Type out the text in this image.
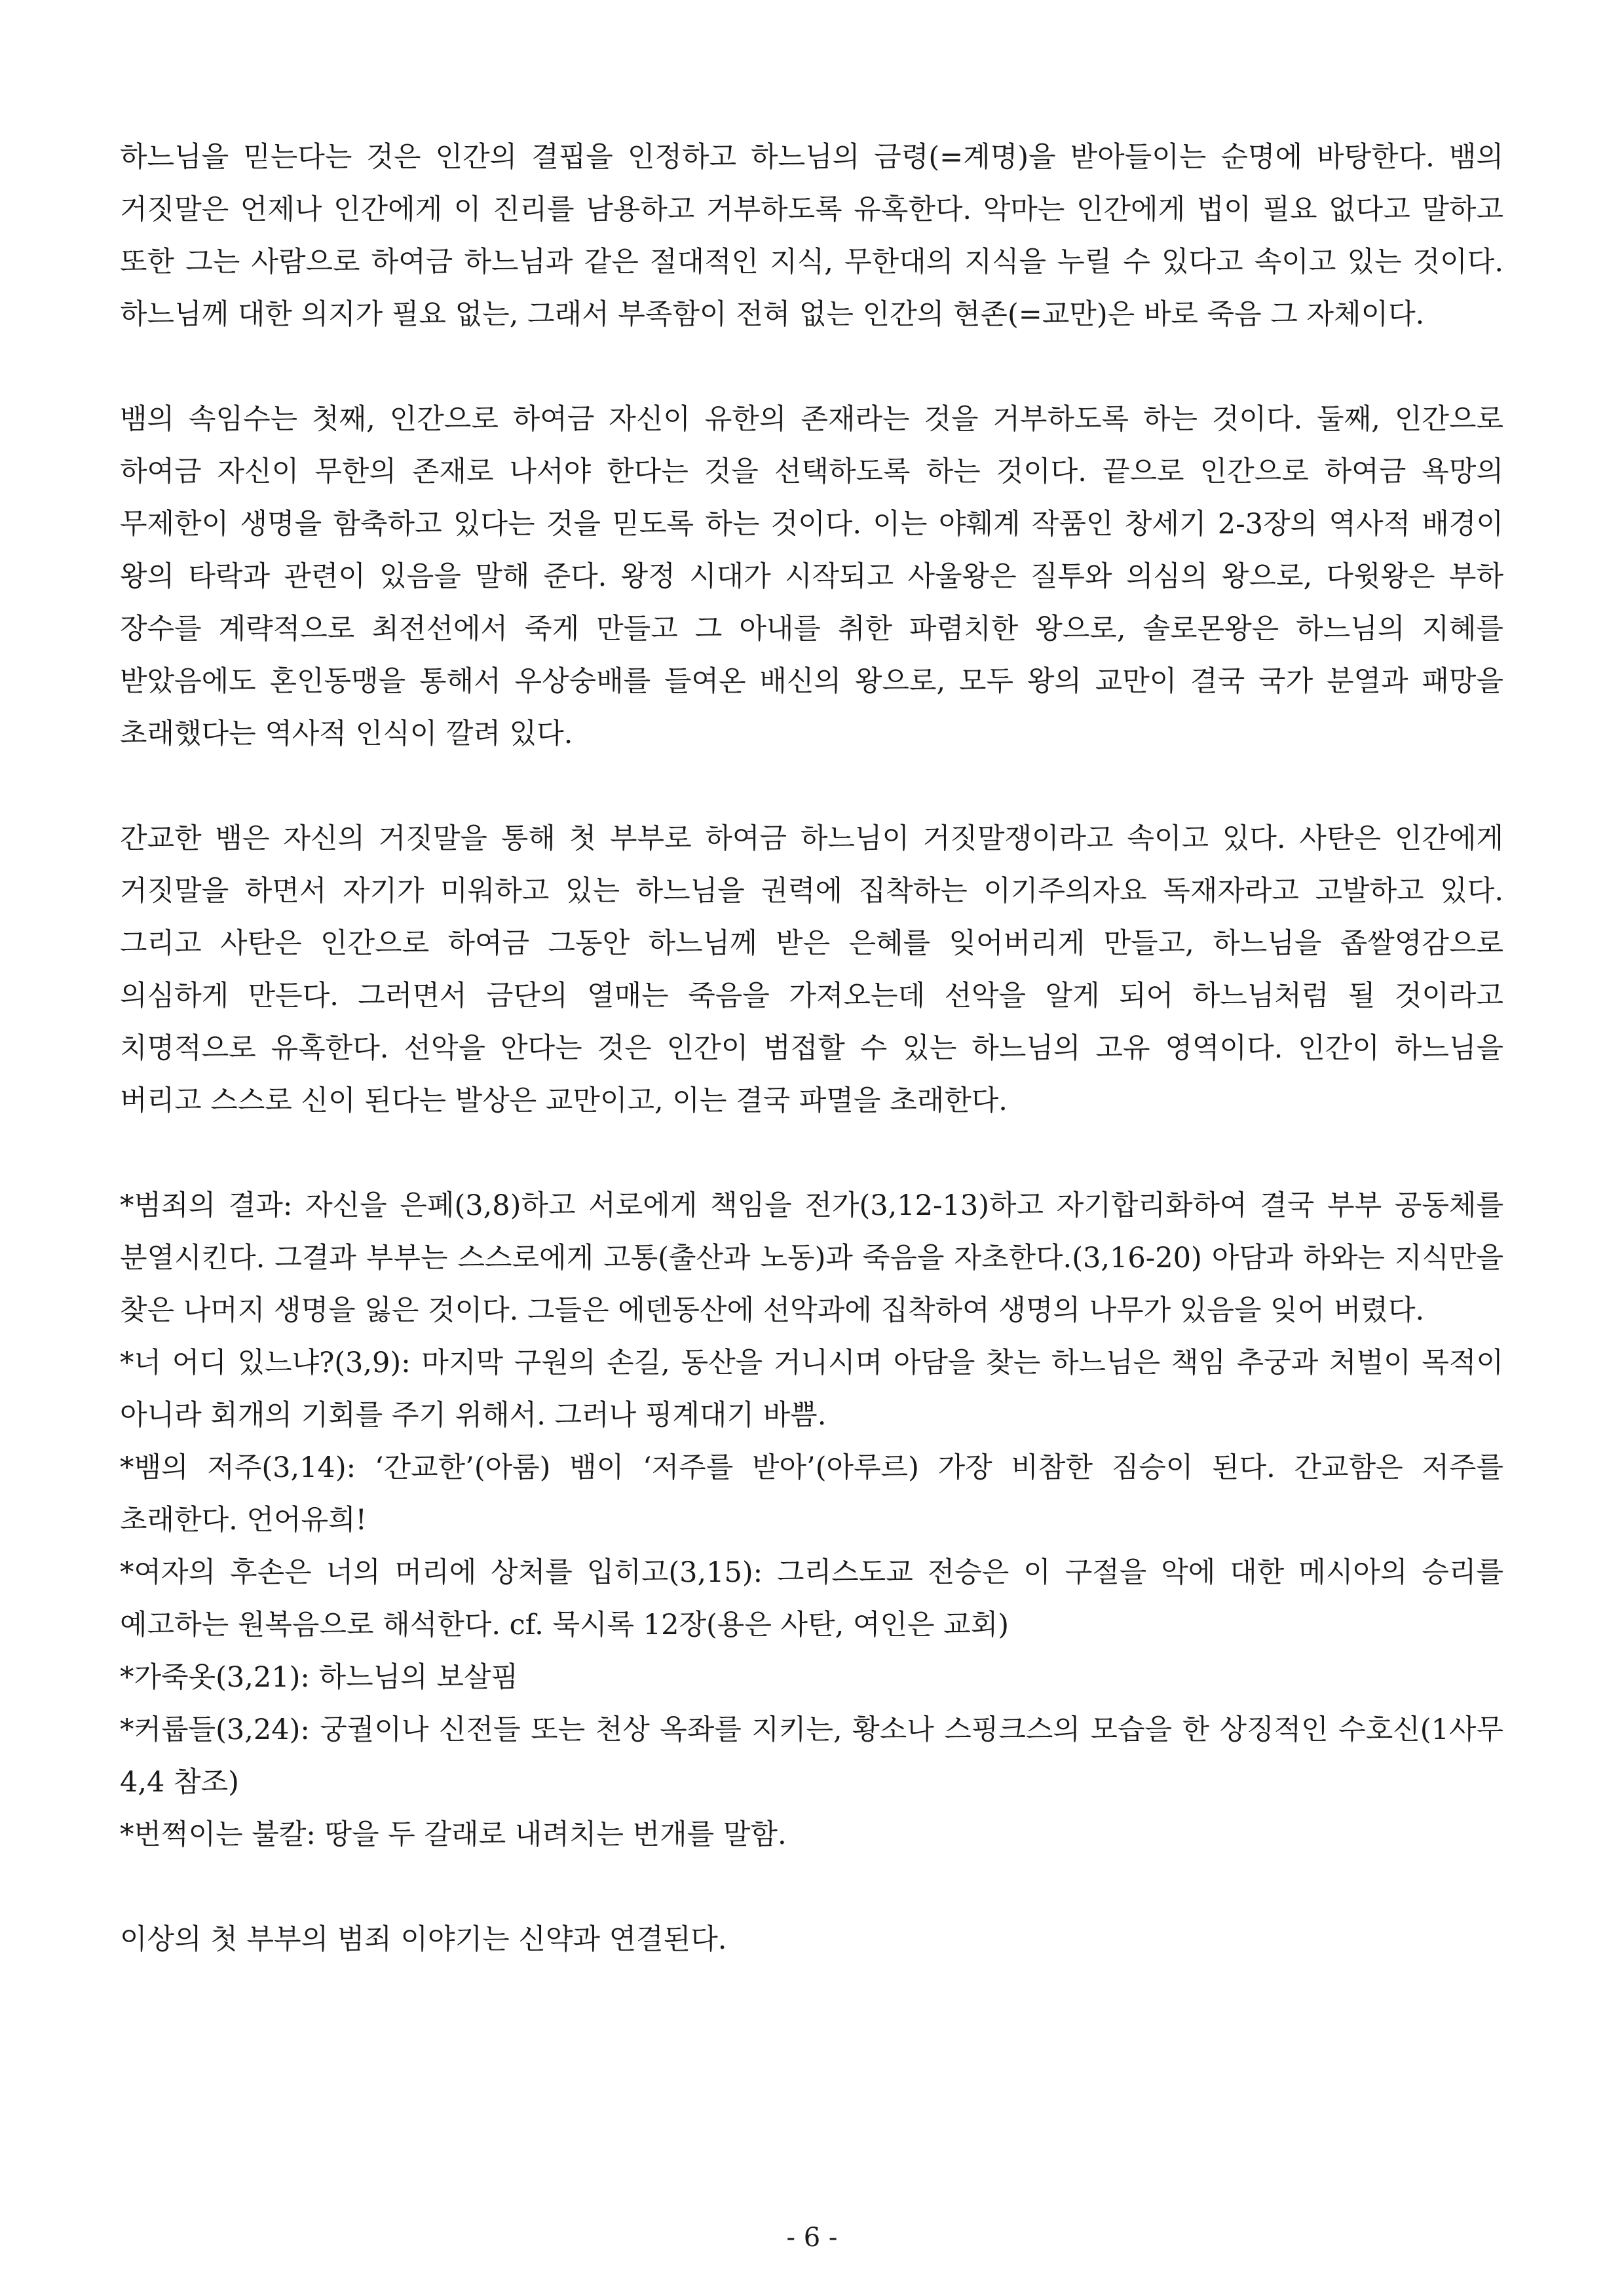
하느님을 믿는다는 것은 인간의 결핍을 인정하고 하느님의 금령(=계명)을 받아들이는 순명에 바탕한다. 뱀의 거짓말은 언제나 인간에게 이 진리를 남용하고 거부하도록 유혹한다. 악마는 인간에게 법이 필요 없다고 말하고 또한 그는 사람으로 하여금 하느님과 같은 절대적인 지식, 무한대의 지식을 누릴 수 있다고 속이고 있는 것이다. 하느님께 대한 의지가 필요 없는, 그래서 부족함이 전혀 없는 인간의 현존(=교만)은 바로 죽음 그 자체이다.

뱀의 속임수는 첫째, 인간으로 하여금 자신이 유한의 존재라는 것을 거부하도록 하는 것이다. 둘째, 인간으로 하여금 자신이 무한의 존재로 나서야 한다는 것을 선택하도록 하는 것이다. 끝으로 인간으로 하여금 욕망의 무제한이 생명을 함축하고 있다는 것을 믿도록 하는 것이다. 이는 야훼계 작품인 창세기 2-3장의 역사적 배경이 왕의 타락과 관련이 있음을 말해 준다. 왕정 시대가 시작되고 사울왕은 질투와 의심의 왕으로, 다윗왕은 부하 장수를 계략적으로 최전선에서 죽게 만들고 그 아내를 취한 파렴치한 왕으로, 솔로몬왕은 하느님의 지혜를 받았음에도 혼인동맹을 통해서 우상숭배를 들여온 배신의 왕으로, 모두 왕의 교만이 결국 국가 분열과 패망을 초래했다는 역사적 인식이 깔려 있다.

간교한 뱀은 자신의 거짓말을 통해 첫 부부로 하여금 하느님이 거짓말쟁이라고 속이고 있다. 사탄은 인간에게 거짓말을 하면서 자기가 미워하고 있는 하느님을 권력에 집착하는 이기주의자요 독재자라고 고발하고 있다. 그리고 사탄은 인간으로 하여금 그동안 하느님께 받은 은혜를 잊어버리게 만들고, 하느님을 좁쌀영감으로 의심하게 만든다. 그러면서 금단의 열매는 죽음을 가져오는데 선악을 알게 되어 하느님처럼 될 것이라고 치명적으로 유혹한다. 선악을 안다는 것은 인간이 범접할 수 있는 하느님의 고유 영역이다. 인간이 하느님을 버리고 스스로 신이 된다는 발상은 교만이고, 이는 결국 파멸을 초래한다.

*범죄의 결과: 자신을 은폐(3,8)하고 서로에게 책임을 전가(3,12-13)하고 자기합리화하여 결국 부부 공동체를 분열시킨다. 그결과 부부는 스스로에게 고통(출산과 노동)과 죽음을 자초한다.(3,16-20) 아담과 하와는 지식만을 찾은 나머지 생명을 잃은 것이다. 그들은 에덴동산에 선악과에 집착하여 생명의 나무가 있음을 잊어 버렸다.

*너 어디 있느냐?(3,9): 마지막 구원의 손길, 동산을 거니시며 아담을 찾는 하느님은 책임 추궁과 처벌이 목적이 아니라 회개의 기회를 주기 위해서. 그러나 핑계대기 바쁨.

*뱀의 저주(3,14): ‘간교한’(아룸) 뱀이 ‘저주를 받아’(아루르) 가장 비참한 짐승이 된다. 간교함은 저주를 초래한다. 언어유희!

*여자의 후손은 너의 머리에 상처를 입히고(3,15): 그리스도교 전승은 이 구절을 악에 대한 메시아의 승리를 예고하는 원복음으로 해석한다. cf. 묵시록 12장(용은 사탄, 여인은 교회)

*가죽옷(3,21): 하느님의 보살핌

*커룹들(3,24): 궁궐이나 신전들 또는 천상 옥좌를 지키는, 황소나 스핑크스의 모습을 한 상징적인 수호신(1사무 4,4 참조)

*번쩍이는 불칼: 땅을 두 갈래로 내려치는 번개를 말함.

이상의 첫 부부의 범죄 이야기는 신약과 연결된다.

- 6 -
